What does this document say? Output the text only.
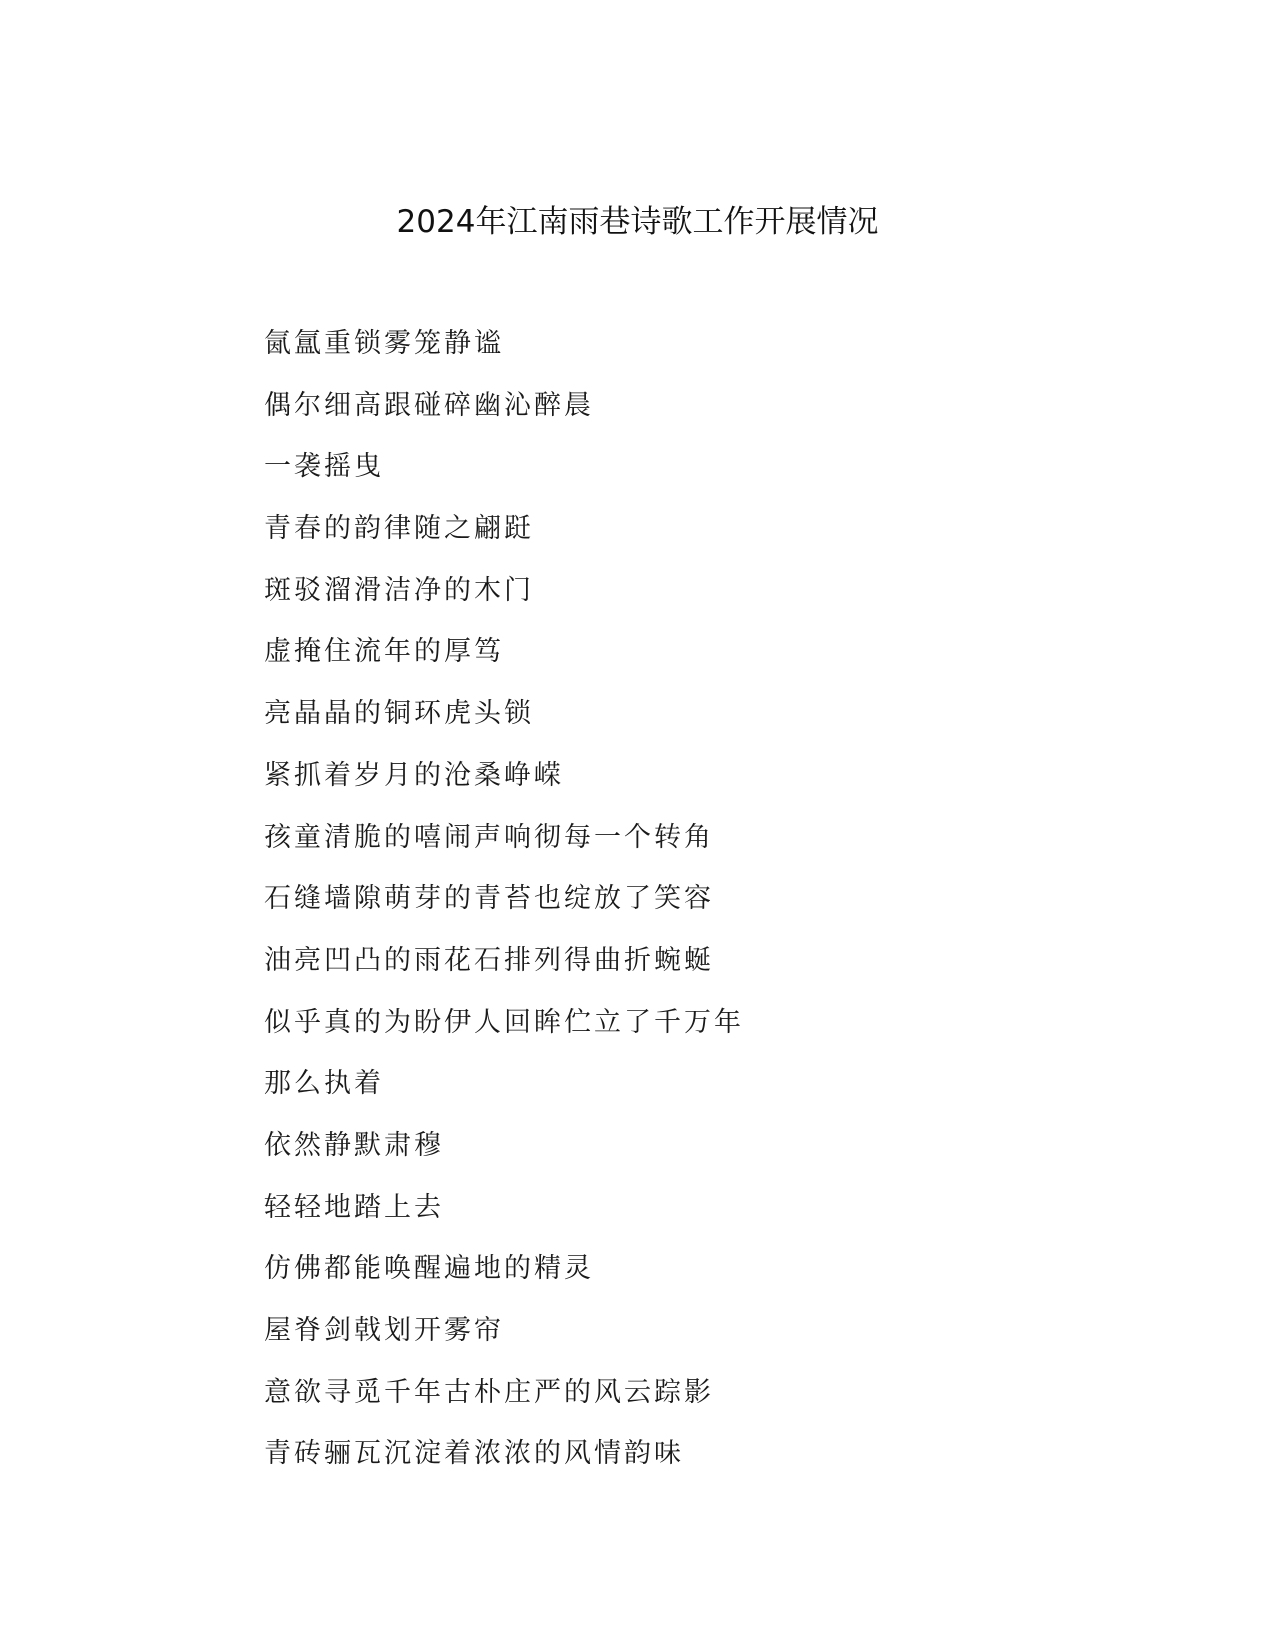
2024年江南雨巷诗歌工作开展情况
氤氲重锁雾笼静谧
偶尔细高跟碰碎幽沁醉晨
一袭摇曳
青春的韵律随之翩跹
斑驳溜滑洁净的木门
虚掩住流年的厚笃
亮晶晶的铜环虎头锁
紧抓着岁月的沧桑峥嵘
孩童清脆的嘻闹声响彻每一个转角
石缝墙隙萌芽的青苔也绽放了笑容
油亮凹凸的雨花石排列得曲折蜿蜒
似乎真的为盼伊人回眸伫立了千万年
那么执着
依然静默肃穆
轻轻地踏上去
仿佛都能唤醒遍地的精灵
屋脊剑戟划开雾帘
意欲寻觅千年古朴庄严的风云踪影
青砖骊瓦沉淀着浓浓的风情韵味
